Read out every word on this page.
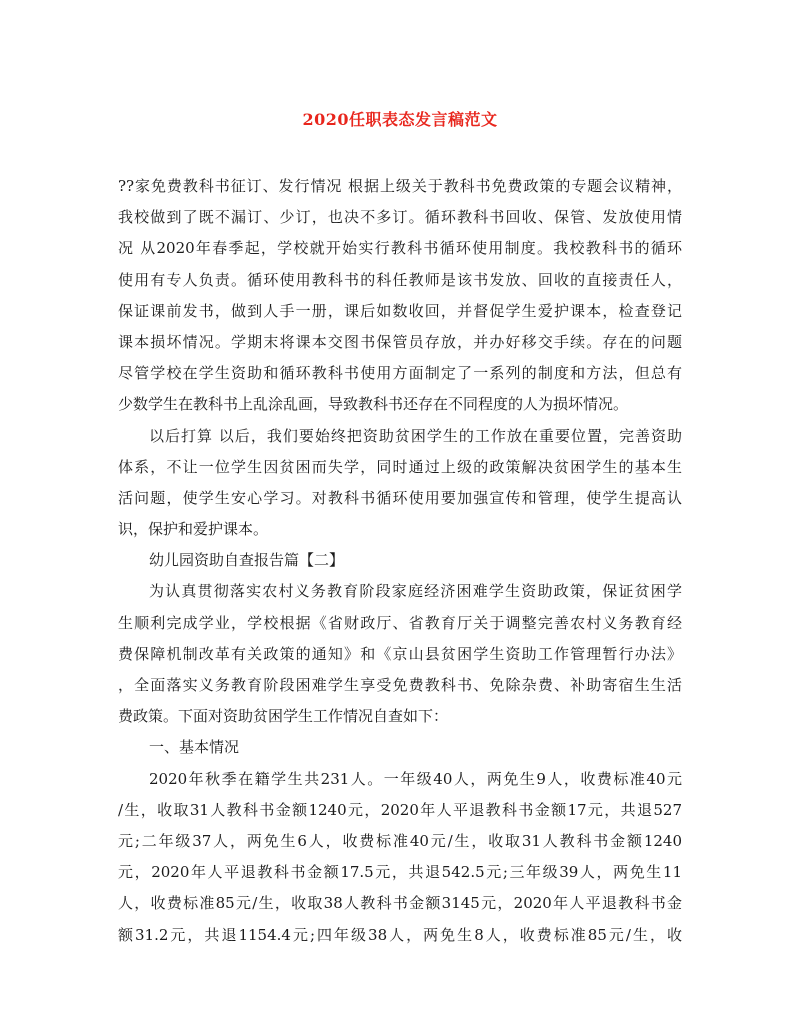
2020任职表态发言稿范文
??家免费教科书征订、发行情况 根据上级关于教科书免费政策的专题会议精神，
我校做到了既不漏订、少订，也决不多订。循环教科书回收、保管、发放使用情
况 从2020年春季起，学校就开始实行教科书循环使用制度。我校教科书的循环
使用有专人负责。循环使用教科书的科任教师是该书发放、回收的直接责任人，
保证课前发书，做到人手一册，课后如数收回，并督促学生爱护课本，检查登记
课本损坏情况。学期末将课本交图书保管员存放，并办好移交手续。存在的问题
尽管学校在学生资助和循环教科书使用方面制定了一系列的制度和方法，但总有
少数学生在教科书上乱涂乱画，导致教科书还存在不同程度的人为损坏情况。
以后打算 以后，我们要始终把资助贫困学生的工作放在重要位置，完善资助
体系，不让一位学生因贫困而失学，同时通过上级的政策解决贫困学生的基本生
活问题，使学生安心学习。对教科书循环使用要加强宣传和管理，使学生提高认
识，保护和爱护课本。
幼儿园资助自查报告篇【二】
为认真贯彻落实农村义务教育阶段家庭经济困难学生资助政策，保证贫困学
生顺利完成学业，学校根据《省财政厅、省教育厅关于调整完善农村义务教育经
费保障机制改革有关政策的通知》和《京山县贫困学生资助工作管理暂行办法》
，全面落实义务教育阶段困难学生享受免费教科书、免除杂费、补助寄宿生生活
费政策。下面对资助贫困学生工作情况自查如下：
一、基本情况
2020年秋季在籍学生共231人。一年级40人，两免生9人，收费标准40元
/生，收取31人教科书金额1240元，2020年人平退教科书金额17元，共退527
元;二年级37人，两免生6人，收费标准40元/生，收取31人教科书金额1240
元，2020年人平退教科书金额17.5元，共退542.5元;三年级39人，两免生11
人，收费标准85元/生，收取38人教科书金额3145元，2020年人平退教科书金
额31.2元，共退1154.4元;四年级38人，两免生8人，收费标准85元/生，收
